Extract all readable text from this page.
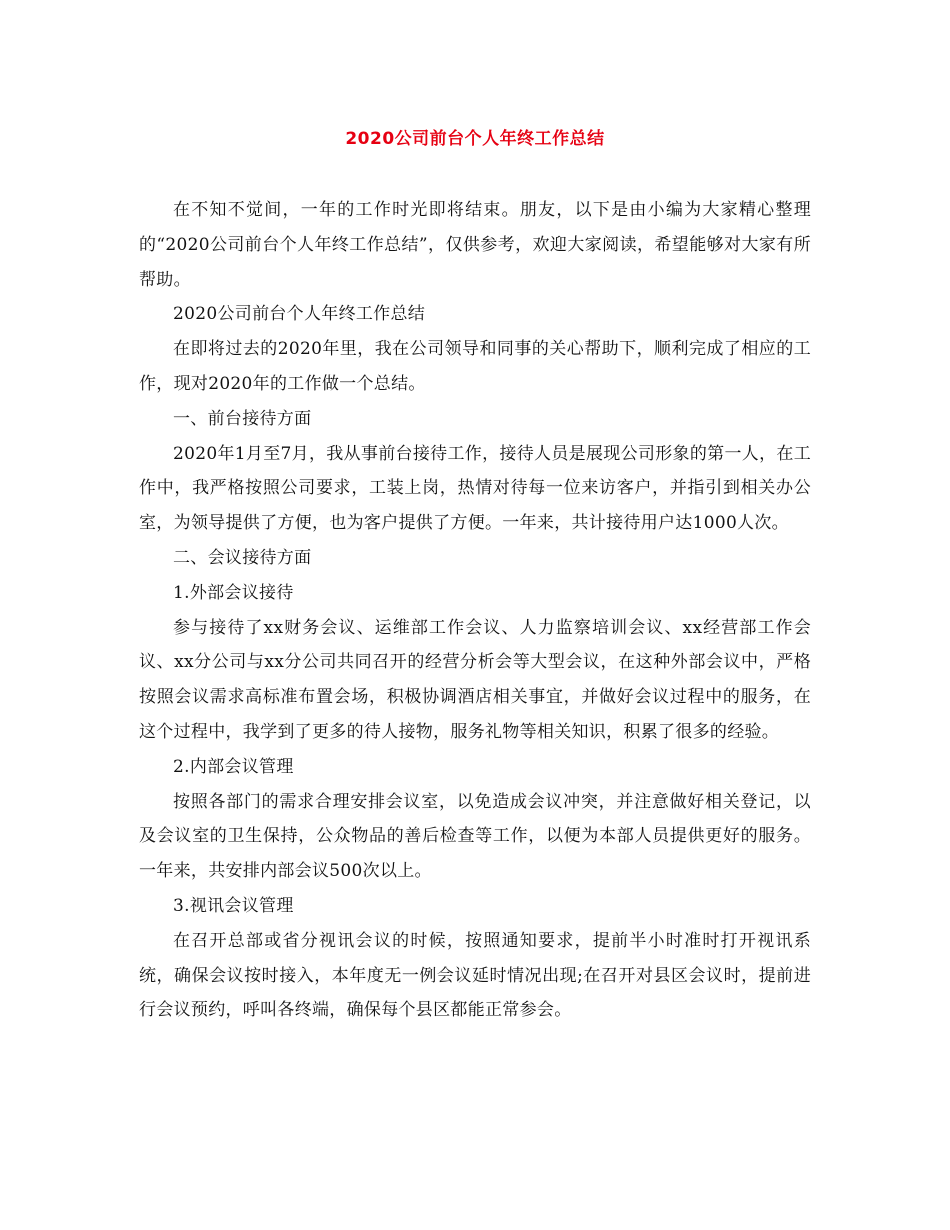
2020公司前台个人年终工作总结

在不知不觉间，一年的工作时光即将结束。朋友，以下是由小编为大家精心整理的“2020公司前台个人年终工作总结”，仅供参考，欢迎大家阅读，希望能够对大家有所帮助。

2020公司前台个人年终工作总结

在即将过去的2020年里，我在公司领导和同事的关心帮助下，顺利完成了相应的工作，现对2020年的工作做一个总结。

一、前台接待方面

2020年1月至7月，我从事前台接待工作，接待人员是展现公司形象的第一人，在工作中，我严格按照公司要求，工装上岗，热情对待每一位来访客户，并指引到相关办公室，为领导提供了方便，也为客户提供了方便。一年来，共计接待用户达1000人次。

二、会议接待方面

1.外部会议接待

参与接待了xx财务会议、运维部工作会议、人力监察培训会议、xx经营部工作会议、xx分公司与xx分公司共同召开的经营分析会等大型会议，在这种外部会议中，严格按照会议需求高标准布置会场，积极协调酒店相关事宜，并做好会议过程中的服务，在这个过程中，我学到了更多的待人接物，服务礼物等相关知识，积累了很多的经验。

2.内部会议管理

按照各部门的需求合理安排会议室，以免造成会议冲突，并注意做好相关登记，以及会议室的卫生保持，公众物品的善后检查等工作，以便为本部人员提供更好的服务。一年来，共安排内部会议500次以上。

3.视讯会议管理

在召开总部或省分视讯会议的时候，按照通知要求，提前半小时准时打开视讯系统，确保会议按时接入，本年度无一例会议延时情况出现;在召开对县区会议时，提前进行会议预约，呼叫各终端，确保每个县区都能正常参会。
